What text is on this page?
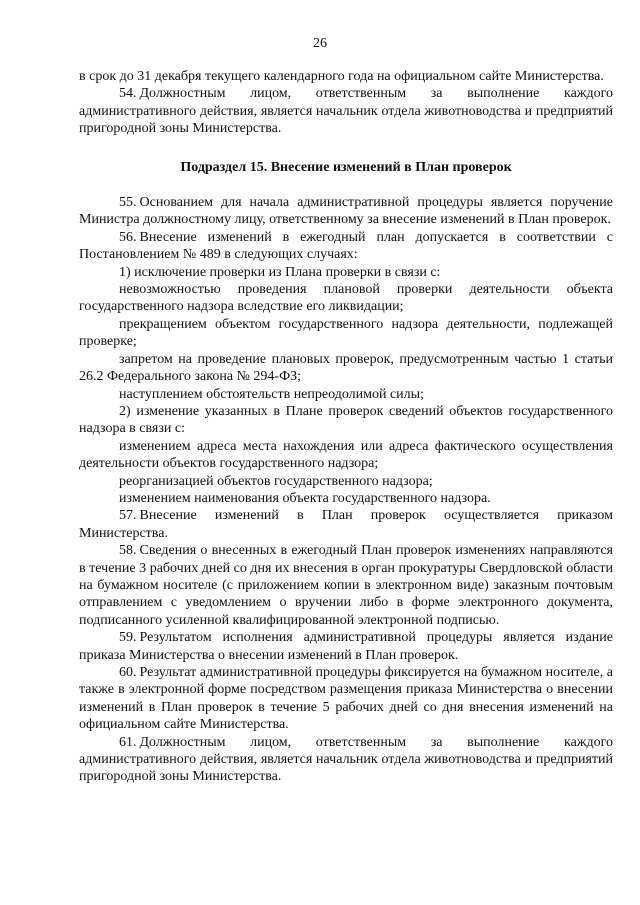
26

в срок до 31 декабря текущего календарного года на официальном сайте Министерства.

54. Должностным лицом, ответственным за выполнение каждого административного действия, является начальник отдела животноводства и предприятий пригородной зоны Министерства.

Подраздел 15. Внесение изменений в План проверок

55. Основанием для начала административной процедуры является поручение Министра должностному лицу, ответственному за внесение изменений в План проверок.

56. Внесение изменений в ежегодный план допускается в соответствии с Постановлением № 489 в следующих случаях:

1) исключение проверки из Плана проверки в связи с:

невозможностью проведения плановой проверки деятельности объекта государственного надзора вследствие его ликвидации;

прекращением объектом государственного надзора деятельности, подлежащей проверке;

запретом на проведение плановых проверок, предусмотренным частью 1 статьи 26.2 Федерального закона № 294-ФЗ;

наступлением обстоятельств непреодолимой силы;

2) изменение указанных в Плане проверок сведений объектов государственного надзора в связи с:

изменением адреса места нахождения или адреса фактического осуществления деятельности объектов государственного надзора;

реорганизацией объектов государственного надзора;

изменением наименования объекта государственного надзора.

57. Внесение изменений в План проверок осуществляется приказом Министерства.

58. Сведения о внесенных в ежегодный План проверок изменениях направляются в течение 3 рабочих дней со дня их внесения в орган прокуратуры Свердловской области на бумажном носителе (с приложением копии в электронном виде) заказным почтовым отправлением с уведомлением о вручении либо в форме электронного документа, подписанного усиленной квалифицированной электронной подписью.

59. Результатом исполнения административной процедуры является издание приказа Министерства о внесении изменений в План проверок.

60. Результат административной процедуры фиксируется на бумажном носителе, а также в электронной форме посредством размещения приказа Министерства о внесении изменений в План проверок в течение 5 рабочих дней со дня внесения изменений на официальном сайте Министерства.

61. Должностным лицом, ответственным за выполнение каждого административного действия, является начальник отдела животноводства и предприятий пригородной зоны Министерства.
